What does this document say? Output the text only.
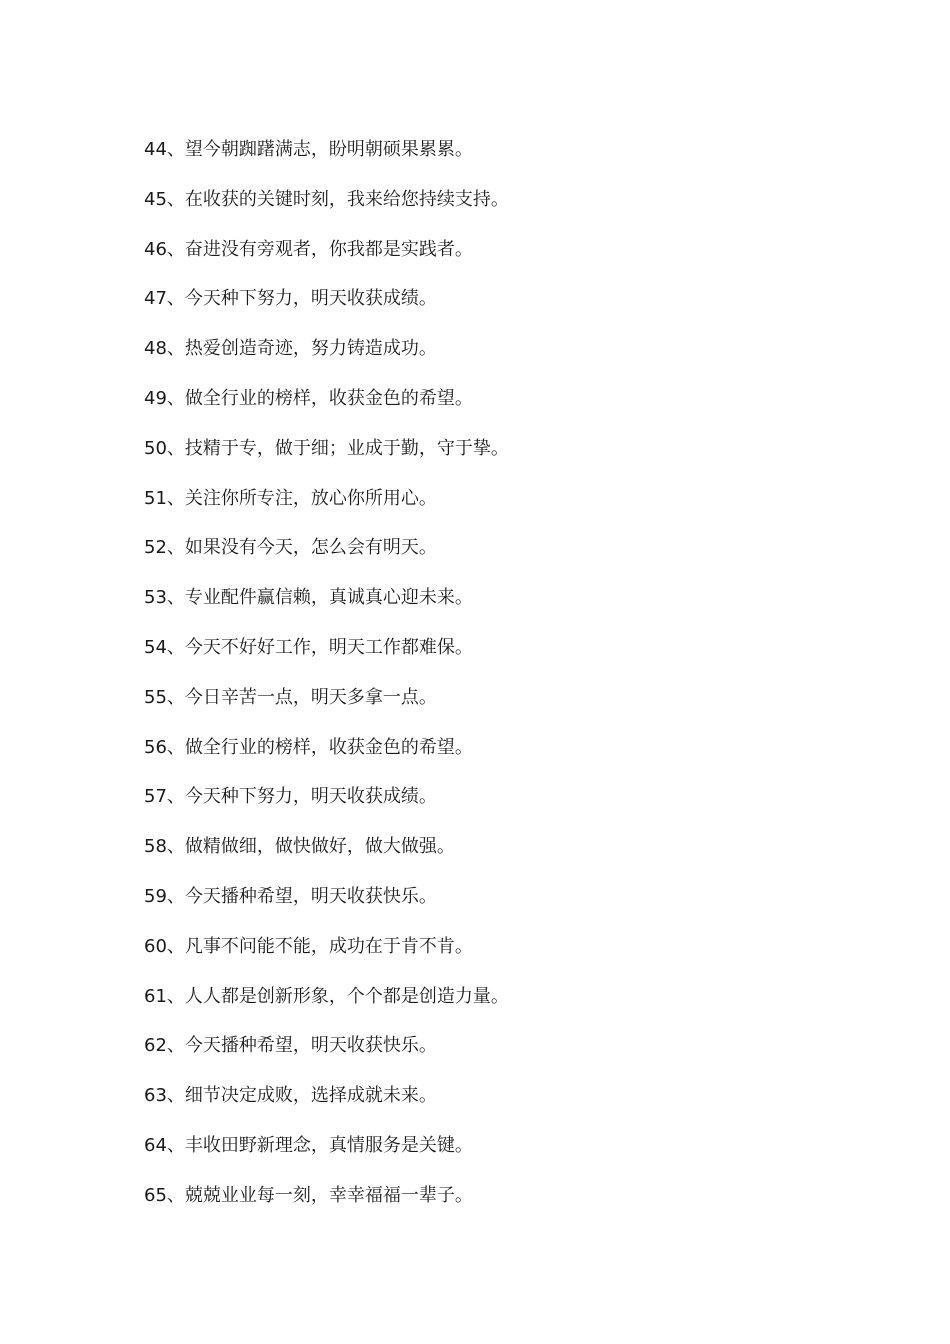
44、望今朝踟躇满志，盼明朝硕果累累。
45、在收获的关键时刻，我来给您持续支持。
46、奋进没有旁观者，你我都是实践者。
47、今天种下努力，明天收获成绩。
48、热爱创造奇迹，努力铸造成功。
49、做全行业的榜样，收获金色的希望。
50、技精于专，做于细；业成于勤，守于挚。
51、关注你所专注，放心你所用心。
52、如果没有今天，怎么会有明天。
53、专业配件赢信赖，真诚真心迎未来。
54、今天不好好工作，明天工作都难保。
55、今日辛苦一点，明天多拿一点。
56、做全行业的榜样，收获金色的希望。
57、今天种下努力，明天收获成绩。
58、做精做细，做快做好，做大做强。
59、今天播种希望，明天收获快乐。
60、凡事不问能不能，成功在于肯不肯。
61、人人都是创新形象，个个都是创造力量。
62、今天播种希望，明天收获快乐。
63、细节决定成败，选择成就未来。
64、丰收田野新理念，真情服务是关键。
65、兢兢业业每一刻，幸幸福福一辈子。
